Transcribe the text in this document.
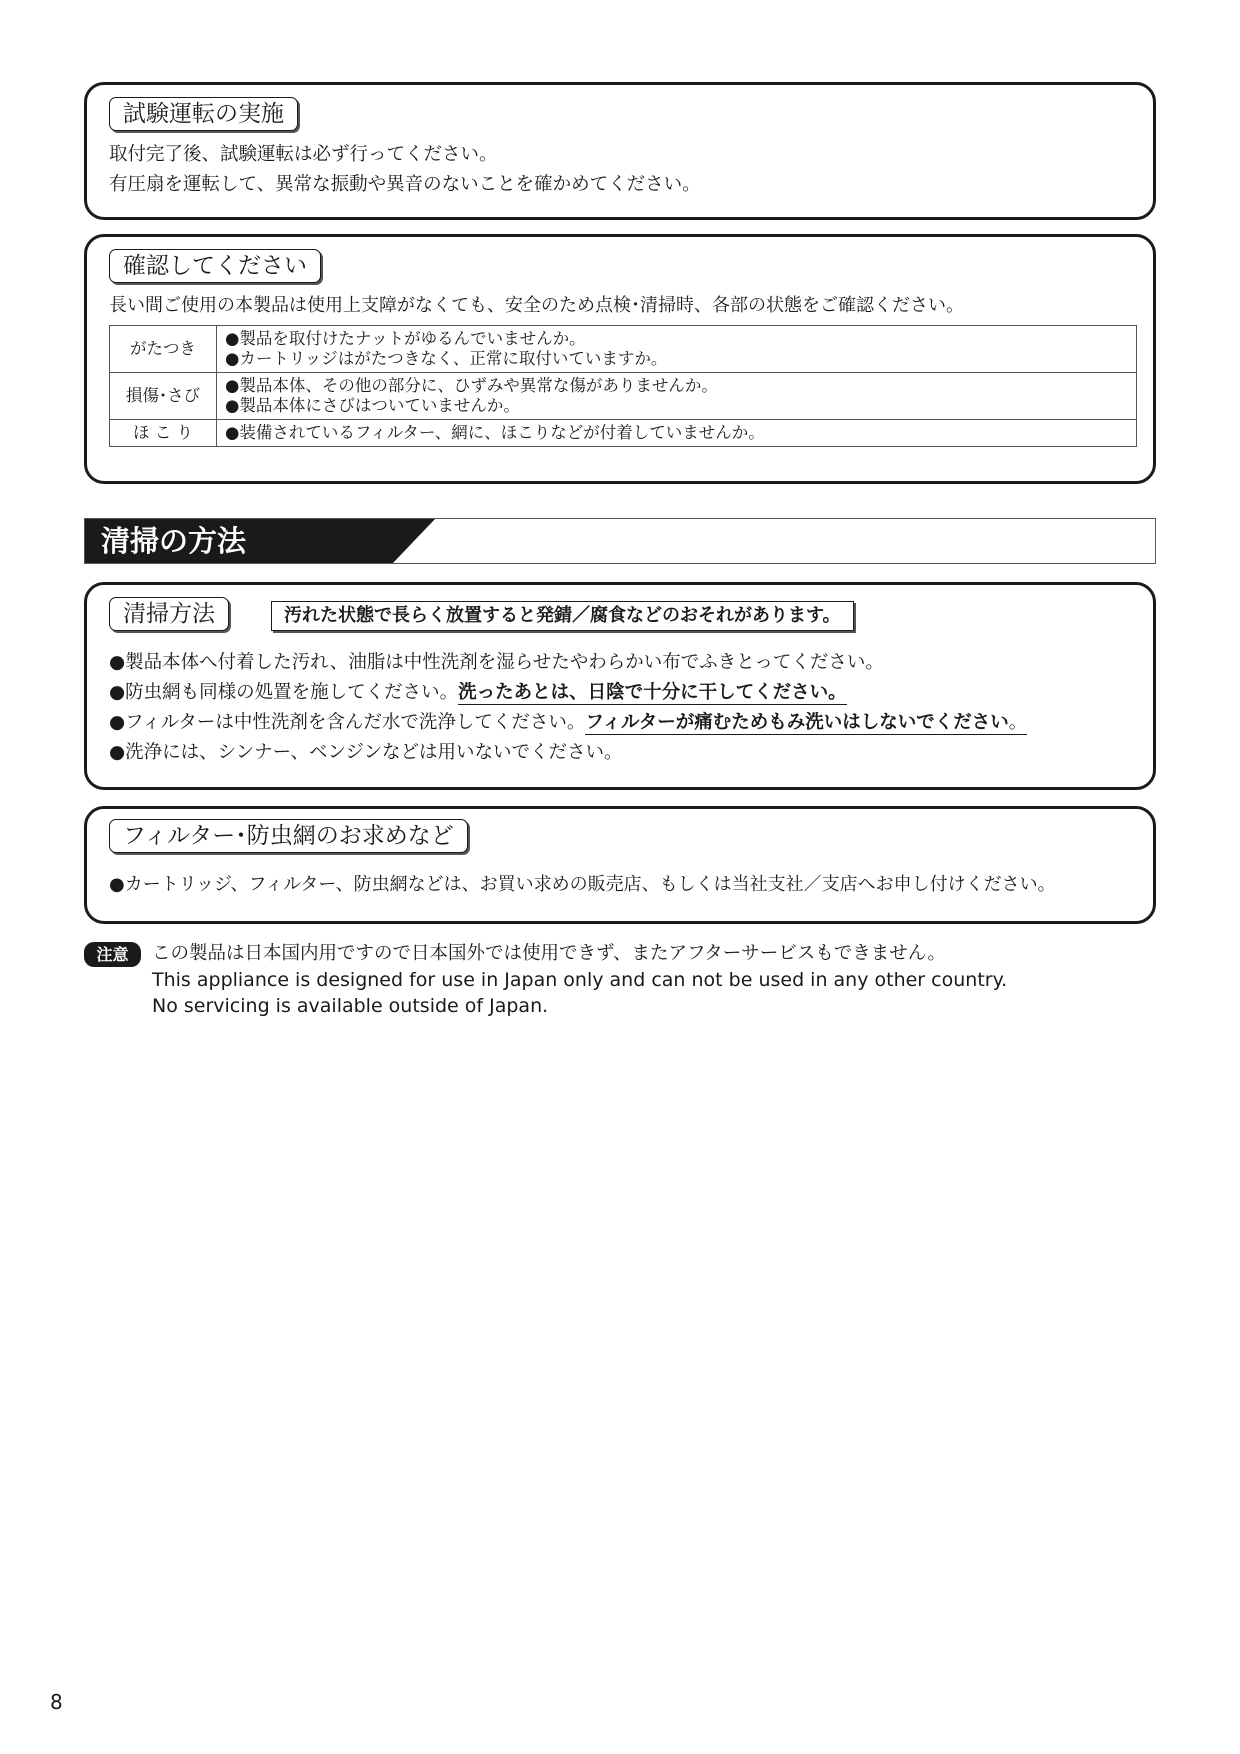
試験運転の実施
取付完了後、試験運転は必ず行ってください。
有圧扇を運転して、異常な振動や異音のないことを確かめてください。
確認してください
長い間ご使用の本製品は使用上支障がなくても、安全のため点検･清掃時、各部の状態をご確認ください。
がたつき	●製品を取付けたナットがゆるんでいませんか。
●カートリッジはがたつきなく、正常に取付いていますか。

損傷･さび	●製品本体、その他の部分に、ひずみや異常な傷がありませんか。
●製品本体にさびはついていませんか。

ほ こ り	●装備されているフィルター、網に、ほこりなどが付着していませんか。
清掃の方法
清掃方法	汚れた状態で長らく放置すると発錆／腐食などのおそれがあります。
●製品本体へ付着した汚れ、油脂は中性洗剤を湿らせたやわらかい布でふきとってください。
●防虫網も同様の処置を施してください。洗ったあとは、日陰で十分に干してください。
●フィルターは中性洗剤を含んだ水で洗浄してください。フィルターが痛むためもみ洗いはしないでください。
●洗浄には、シンナー、ベンジンなどは用いないでください。
フィルター･防虫網のお求めなど
●カートリッジ、フィルター、防虫網などは、お買い求めの販売店、もしくは当社支社／支店へお申し付けください。
注意	この製品は日本国内用ですので日本国外では使用できず、またアフターサービスもできません。
This appliance is designed for use in Japan only and can not be used in any other country.
No servicing is available outside of Japan.
8
